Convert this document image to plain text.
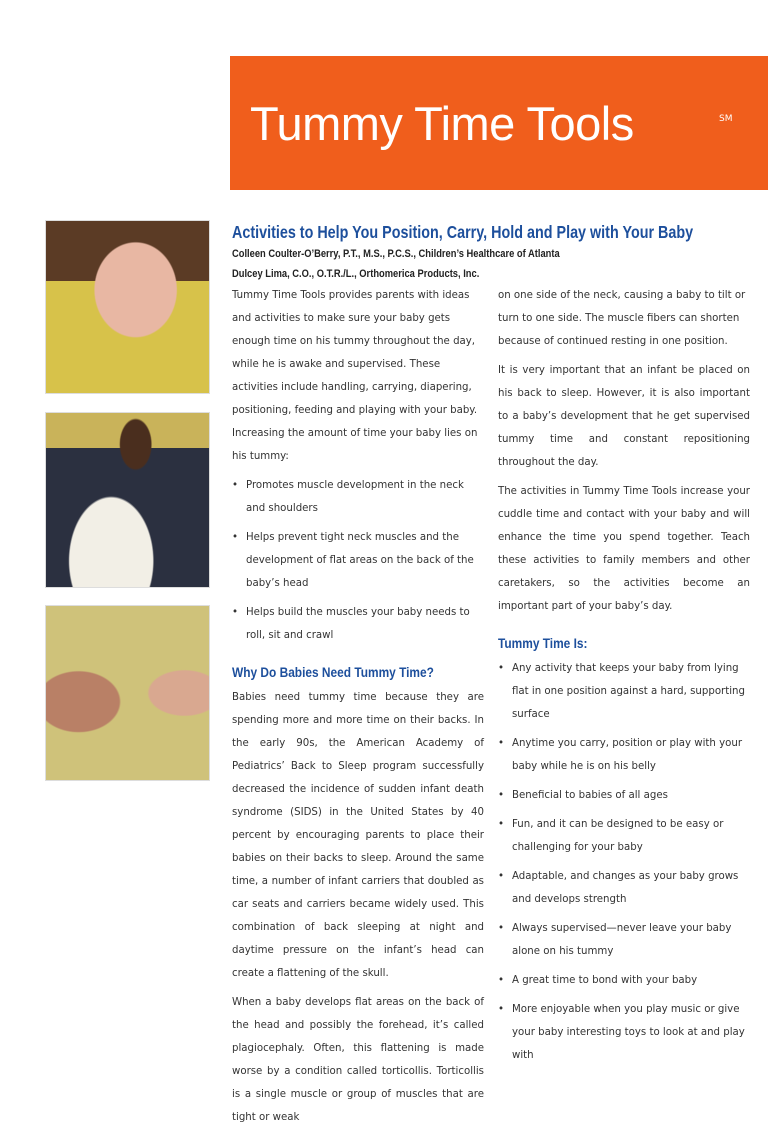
Tummy Time Tools	SM
Activities to Help You Position, Carry, Hold and Play with Your Baby
Colleen Coulter-O’Berry, P.T., M.S., P.C.S., Children’s Healthcare of Atlanta
Dulcey Lima, C.O., O.T.R./L., Orthomerica Products, Inc.

Tummy Time Tools provides parents with ideas and activities to make sure your baby gets enough time on his tummy throughout the day, while he is awake and supervised. These activities include handling, carrying, diapering, positioning, feeding and playing with your baby. Increasing the amount of time your baby lies on his tummy:

• Promotes muscle development in the neck and shoulders
• Helps prevent tight neck muscles and the development of flat areas on the back of the baby’s head
• Helps build the muscles your baby needs to roll, sit and crawl
Why Do Babies Need Tummy Time?

Babies need tummy time because they are spending more and more time on their backs. In the early 90s, the American Academy of Pediatrics’ Back to Sleep program successfully decreased the incidence of sudden infant death syndrome (SIDS) in the United States by 40 percent by encouraging parents to place their babies on their backs to sleep. Around the same time, a number of infant carriers that doubled as car seats and carriers became widely used. This combination of back sleeping at night and daytime pressure on the infant’s head can create a flattening of the skull.

When a baby develops flat areas on the back of the head and possibly the forehead, it’s called plagiocephaly. Often, this flattening is made worse by a condition called torticollis. Torticollis is a single muscle or group of muscles that are tight or weak

on one side of the neck, causing a baby to tilt or turn to one side. The muscle fibers can shorten because of continued resting in one position.

It is very important that an infant be placed on his back to sleep. However, it is also important to a baby’s development that he get supervised tummy time and constant repositioning throughout the day.

The activities in Tummy Time Tools increase your cuddle time and contact with your baby and will enhance the time you spend together. Teach these activities to family members and other caretakers, so the activities become an important part of your baby’s day.

Tummy Time Is:
• Any activity that keeps your baby from lying flat in one position against a hard, supporting surface
• Anytime you carry, position or play with your baby while he is on his belly
• Beneficial to babies of all ages
• Fun, and it can be designed to be easy or challenging for your baby
• Adaptable, and changes as your baby grows and develops strength
• Always supervised—never leave your baby alone on his tummy
• A great time to bond with your baby
• More enjoyable when you play music or give your baby interesting toys to look at and play with
